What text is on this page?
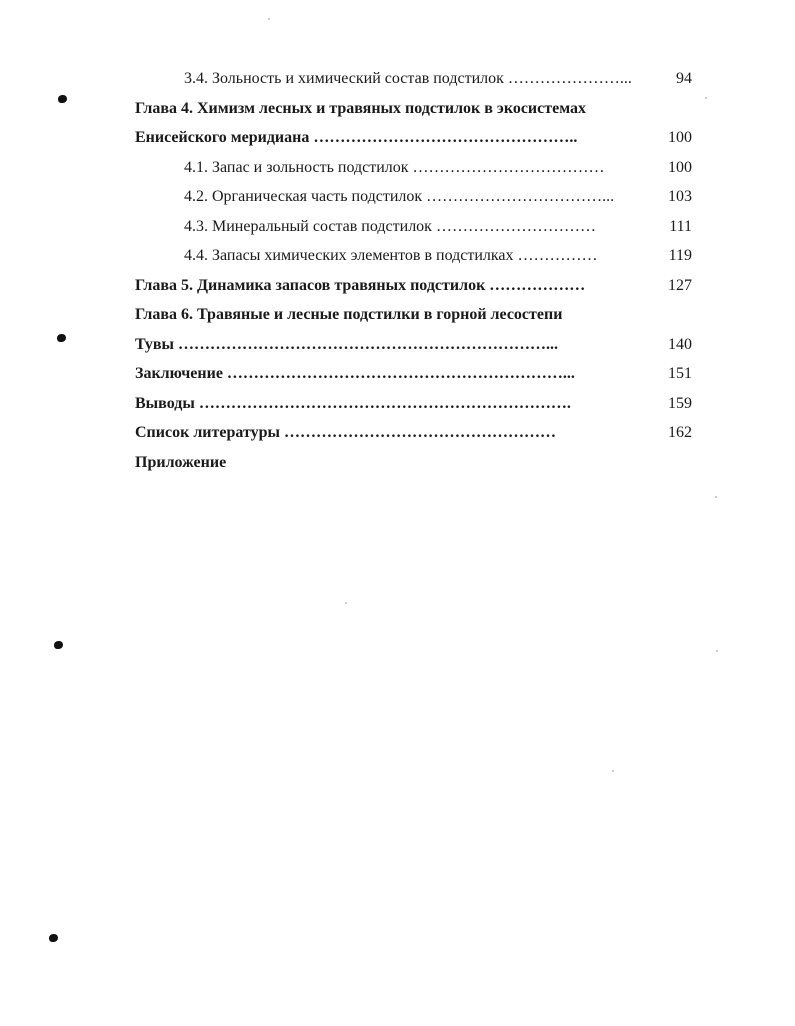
3.4. Зольность и химический состав подстилок …………………...	94
Глава 4. Химизм лесных и травяных подстилок в экосистемах
Енисейского меридиана …………………………………………..	100
4.1. Запас и зольность подстилок ………………………………	100
4.2. Органическая часть подстилок ……………………………...	103
4.3. Минеральный состав подстилок …………………………	111
4.4. Запасы химических элементов в подстилках ……………	119
Глава 5. Динамика запасов травяных подстилок ………………	127
Глава 6. Травяные и лесные подстилки в горной лесостепи
Тувы ……………………………………………………………...	140
Заключение ………………………………………………………...	151
Выводы …………………………………………………………….	159
Список литературы ……………………………………………	162
Приложение
